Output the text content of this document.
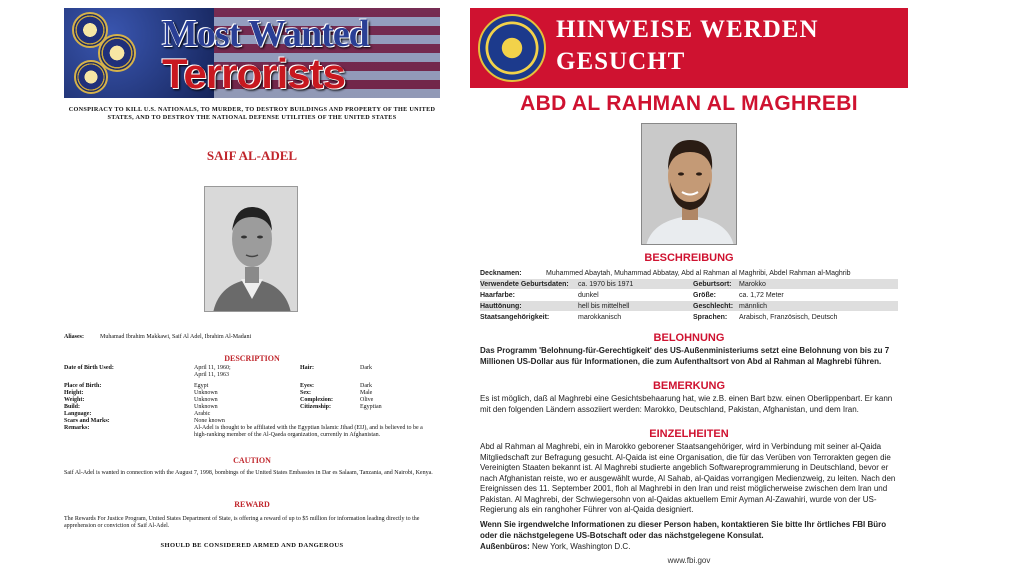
Most Wanted
Terrorists
CONSPIRACY TO KILL U.S. NATIONALS, TO MURDER, TO DESTROY BUILDINGS AND PROPERTY OF THE UNITED STATES, AND TO DESTROY THE NATIONAL DEFENSE UTILITIES OF THE UNITED STATES
SAIF AL-ADEL
Aliases:	Muhamad Ibrahim Makkawi, Saif Al Adel, Ibrahim Al-Madani
DESCRIPTION
Date of Birth Used:	April 11, 1960;
April 11, 1963
Hair:	Dark
Place of Birth:	Egypt	Eyes:	Dark
Height:	Unknown	Sex:	Male
Weight:	Unknown	Complexion:	Olive
Build:	Unknown	Citizenship:	Egyptian
Language:	Arabic
Scars and Marks:	None known
Remarks:	Al-Adel is thought to be affiliated with the Egyptian Islamic Jihad (EIJ), and is believed to be a high-ranking member of the Al-Qaeda organization, currently in Afghanistan.
CAUTION
Saif Al-Adel is wanted in connection with the August 7, 1998, bombings of the United States Embassies in Dar es Salaam, Tanzania, and Nairobi, Kenya.
REWARD
The Rewards For Justice Program, United States Department of State, is offering a reward of up to $5 million for information leading directly to the apprehension or conviction of Saif Al-Adel.
SHOULD BE CONSIDERED ARMED AND DANGEROUS
HINWEISE WERDEN
GESUCHT
ABD AL RAHMAN AL MAGHREBI
BESCHREIBUNG
Decknamen:	Muhammed Abaytah, Muhammad Abbatay, Abd al Rahman al Maghribi, Abdel Rahman al-Maghrib
Verwendete Geburtsdaten:	ca. 1970 bis 1971	Geburtsort:	Marokko
Haarfarbe:	dunkel	Größe:	ca. 1,72 Meter
Hauttönung:	hell bis mittelhell	Geschlecht: männlich
Staatsangehörigkeit:	marokkanisch	Sprachen:	Arabisch, Französisch, Deutsch
BELOHNUNG
Das Programm 'Belohnung-für-Gerechtigkeit' des US-Außenministeriums setzt eine Belohnung von bis zu 7 Millionen US-Dollar aus für Informationen, die zum Aufenthaltsort von Abd al Rahman al Maghrebi führen.
BEMERKUNG
Es ist möglich, daß al Maghrebi eine Gesichtsbehaarung hat, wie z.B. einen Bart bzw. einen Oberlippenbart. Er kann mit den folgenden Ländern assoziiert werden: Marokko, Deutschland, Pakistan, Afghanistan, und dem Iran.
EINZELHEITEN
Abd al Rahman al Maghrebi, ein in Marokko geborener Staatsangehöriger, wird in Verbindung mit seiner al-Qaida Mitgliedschaft zur Befragung gesucht. Al-Qaida ist eine Organisation, die für das Verüben von Terrorakten gegen die Vereinigten Staaten bekannt ist. Al Maghrebi studierte angeblich Softwareprogrammierung in Deutschland, bevor er nach Afghanistan reiste, wo er ausgewählt wurde, Al Sahab, al-Qaidas vorrangigen Medienzweig, zu leiten. Nach den Ereignissen des 11. September 2001, floh al Maghrebi in den Iran und reist möglicherweise zwischen dem Iran und Pakistan. Al Maghrebi, der Schwiegersohn von al-Qaidas aktuellem Emir Ayman Al-Zawahiri, wurde von der US-Regierung als ein ranghoher Führer von al-Qaida designiert.
Wenn Sie irgendwelche Informationen zu dieser Person haben, kontaktieren Sie bitte Ihr örtliches FBI Büro oder die nächstgelegene US-Botschaft oder das nächstgelegene Konsulat.
Außenbüros: New York, Washington D.C.
www.fbi.gov
